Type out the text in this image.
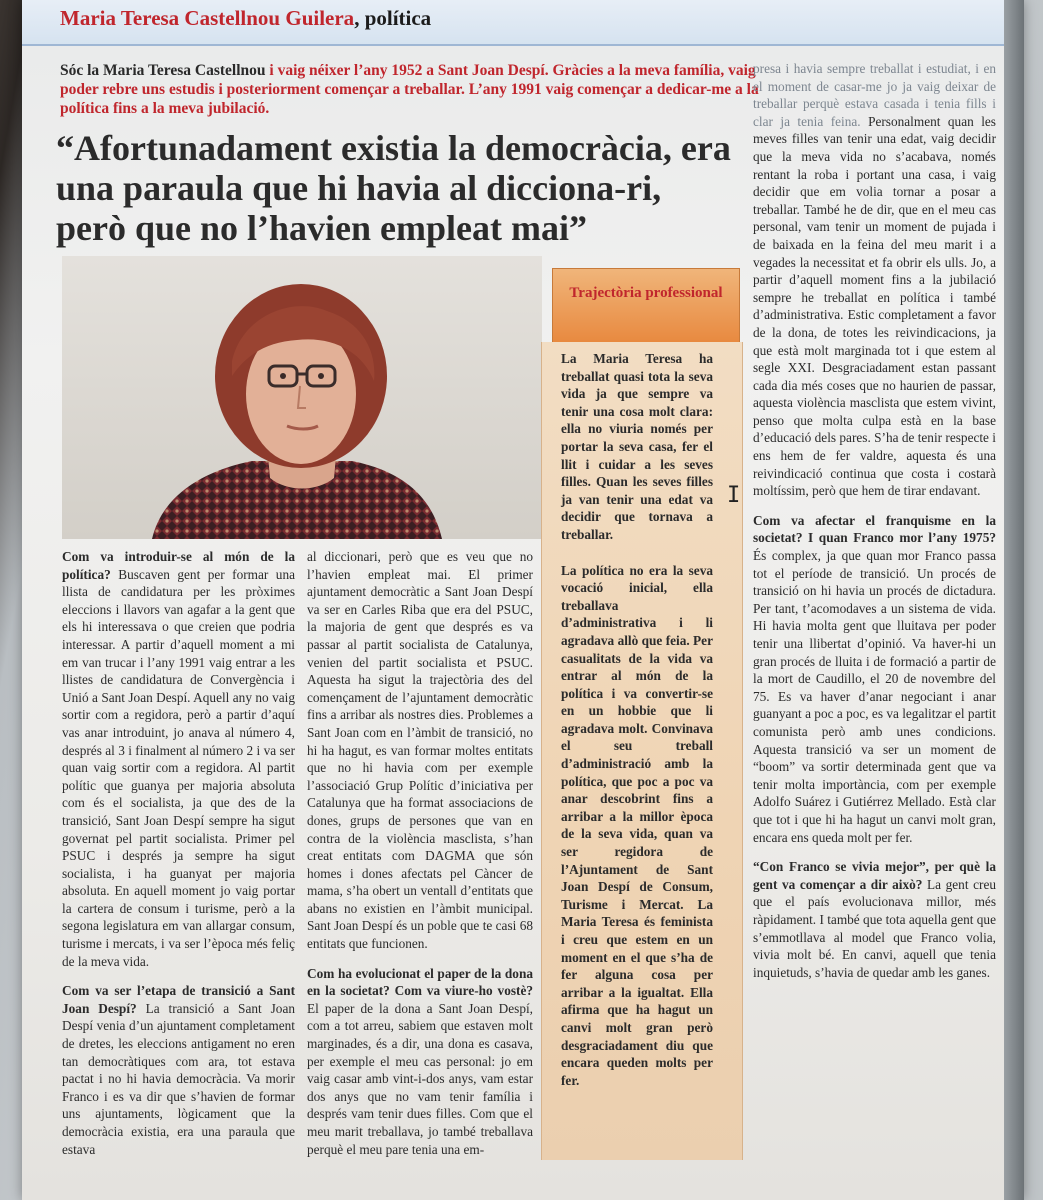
Maria Teresa Castellnou Guilera, política
Sóc la Maria Teresa Castellnou i vaig néixer l’any 1952 a Sant Joan Despí. Gràcies a la meva família, vaig poder rebre uns estudis i posteriorment començar a treballar. L’any 1991 vaig començar a dedicar-me a la política fins a la meva jubilació.
“Afortunadament existia la democràcia, era una paraula que hi havia al dicciona-ri, però que no l’havien empleat mai”

Com va introduir-se al món de la política? Buscaven gent per formar una llista de candidatura per les pròximes eleccions i llavors van agafar a la gent que els hi interessava o que creien que podria interessar. A partir d’aquell moment a mi em van trucar i l’any 1991 vaig entrar a les llistes de candidatura de Convergència i Unió a Sant Joan Despí. Aquell any no vaig sortir com a regidora, però a partir d’aquí vas anar introduint, jo anava al número 4, després al 3 i finalment al número 2 i va ser quan vaig sortir com a regidora. Al partit polític que guanya per majoria absoluta com és el socialista, ja que des de la transició, Sant Joan Despí sempre ha sigut governat pel partit socialista. Primer pel PSUC i després ja sempre ha sigut socialista, i ha guanyat per majoria absoluta. En aquell moment jo vaig portar la cartera de consum i turisme, però a la segona legislatura em van allargar consum, turisme i mercats, i va ser l’època més feliç de la meva vida.

Com va ser l’etapa de transició a Sant Joan Despí? La transició a Sant Joan Despí venia d’un ajuntament completament de dretes, les eleccions antigament no eren tan democràtiques com ara, tot estava pactat i no hi havia democràcia. Va morir Franco i es va dir que s’havien de formar uns ajuntaments, lògicament que la democràcia existia, era una paraula que estava

al diccionari, però que es veu que no l’havien empleat mai. El primer ajuntament democràtic a Sant Joan Despí va ser en Carles Riba que era del PSUC, la majoria de gent que després es va passar al partit socialista de Catalunya, venien del partit socialista et PSUC. Aquesta ha sigut la trajectòria des del començament de l’ajuntament democràtic fins a arribar als nostres dies. Problemes a Sant Joan com en l’àmbit de transició, no hi ha hagut, es van formar moltes entitats que no hi havia com per exemple l’associació Grup Polític d’iniciativa per Catalunya que ha format associacions de dones, grups de persones que van en contra de la violència masclista, s’han creat entitats com DAGMA que són homes i dones afectats pel Càncer de mama, s’ha obert un ventall d’entitats que abans no existien en l’àmbit municipal. Sant Joan Despí és un poble que te casi 68 entitats que funcionen.

Com ha evolucionat el paper de la dona en la societat? Com va viure-ho vostè? El paper de la dona a Sant Joan Despí, com a tot arreu, sabiem que estaven molt marginades, és a dir, una dona es casava, per exemple el meu cas personal: jo em vaig casar amb vint-i-dos anys, vam estar dos anys que no vam tenir família i després vam tenir dues filles. Com que el meu marit treballava, jo també treballava perquè el meu pare tenia una em-

Trajectòria professional

La Maria Teresa ha treballat quasi tota la seva vida ja que sempre va tenir una cosa molt clara: ella no viuria només per portar la seva casa, fer el llit i cuidar a les seves filles. Quan les seves filles ja van tenir una edat va decidir que tornava a treballar.

La política no era la seva vocació inicial, ella treballava d’administrativa i li agradava allò que feia. Per casualitats de la vida va entrar al món de la política i va convertir-se en un hobbie que li agradava molt. Convinava el seu treball d’administració amb la política, que poc a poc va anar descobrint fins a arribar a la millor època de la seva vida, quan va ser regidora de l’Ajuntament de Sant Joan Despí de Consum, Turisme i Mercat. La Maria Teresa és feminista i creu que estem en un moment en el que s’ha de fer alguna cosa per arribar a la igualtat. Ella afirma que ha hagut un canvi molt gran però desgraciadament diu que encara queden molts per fer.

I

presa i havia sempre treballat i estudiat, i en el moment de casar-me jo ja vaig deixar de treballar perquè estava casada i tenia fills i clar ja tenia feina. Personalment quan les meves filles van tenir una edat, vaig decidir que la meva vida no s’acabava, només rentant la roba i portant una casa, i vaig decidir que em volia tornar a posar a treballar. També he de dir, que en el meu cas personal, vam tenir un moment de pujada i de baixada en la feina del meu marit i a vegades la necessitat et fa obrir els ulls. Jo, a partir d’aquell moment fins a la jubilació sempre he treballat en política i també d’administrativa. Estic completament a favor de la dona, de totes les reivindicacions, ja que està molt marginada tot i que estem al segle XXI. Desgraciadament estan passant cada dia més coses que no haurien de passar, aquesta violència masclista que estem vivint, penso que molta culpa està en la base d’educació dels pares. S’ha de tenir respecte i ens hem de fer valdre, aquesta és una reivindicació continua que costa i costarà moltíssim, però que hem de tirar endavant.

Com va afectar el franquisme en la societat? I quan Franco mor l’any 1975? És complex, ja que quan mor Franco passa tot el període de transició. Un procés de transició on hi havia un procés de dictadura. Per tant, t’acomodaves a un sistema de vida. Hi havia molta gent que lluitava per poder tenir una llibertat d’opinió. Va haver-hi un gran procés de lluita i de formació a partir de la mort de Caudillo, el 20 de novembre del 75. Es va haver d’anar negociant i anar guanyant a poc a poc, es va legalitzar el partit comunista però amb unes condicions. Aquesta transició va ser un moment de “boom” va sortir determinada gent que va tenir molta importància, com per exemple Adolfo Suárez i Gutiérrez Mellado. Està clar que tot i que hi ha hagut un canvi molt gran, encara ens queda molt per fer.

“Con Franco se vivia mejor”, per què la gent va començar a dir això? La gent creu que el país evolucionava millor, més ràpidament. I també que tota aquella gent que s’emmotllava al model que Franco volia, vivia molt bé. En canvi, aquell que tenia inquietuds, s’havia de quedar amb les ganes.
